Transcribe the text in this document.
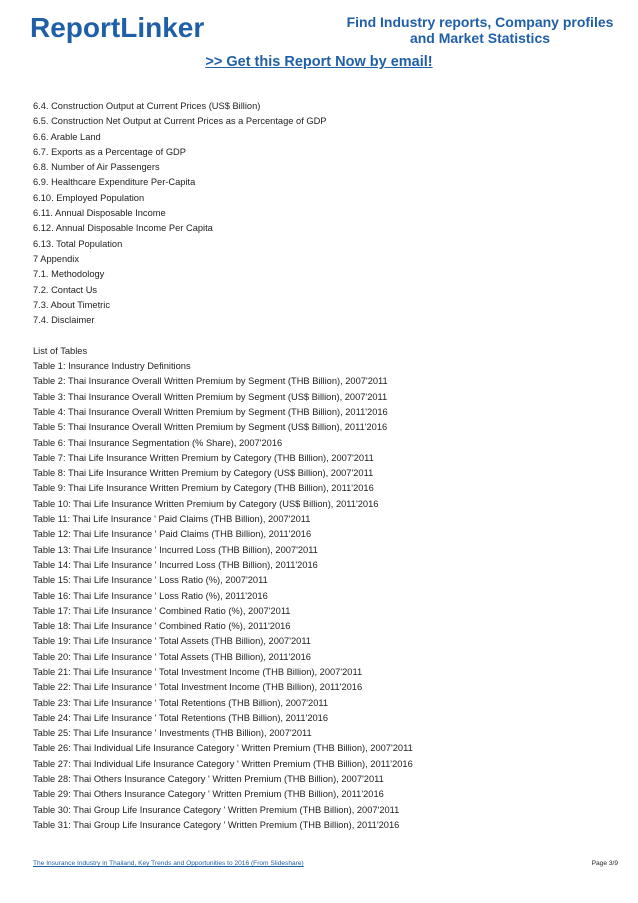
ReportLinker	Find Industry reports, Company profiles
and Market Statistics
>> Get this Report Now by email!
6.4. Construction Output at Current Prices (US$ Billion)
6.5. Construction Net Output at Current Prices as a Percentage of GDP
6.6. Arable Land
6.7. Exports as a Percentage of GDP
6.8. Number of Air Passengers
6.9. Healthcare Expenditure Per-Capita
6.10. Employed Population
6.11. Annual Disposable Income
6.12. Annual Disposable Income Per Capita
6.13. Total Population
7 Appendix
7.1. Methodology
7.2. Contact Us
7.3. About Timetric
7.4. Disclaimer
List of Tables
Table 1: Insurance Industry Definitions
Table 2: Thai Insurance Overall Written Premium by Segment (THB Billion), 2007'2011
Table 3: Thai Insurance Overall Written Premium by Segment (US$ Billion), 2007'2011
Table 4: Thai Insurance Overall Written Premium by Segment (THB Billion), 2011'2016
Table 5: Thai Insurance Overall Written Premium by Segment (US$ Billion), 2011'2016
Table 6: Thai Insurance Segmentation (% Share), 2007'2016
Table 7: Thai Life Insurance Written Premium by Category (THB Billion), 2007'2011
Table 8: Thai Life Insurance Written Premium by Category (US$ Billion), 2007'2011
Table 9: Thai Life Insurance Written Premium by Category (THB Billion), 2011'2016
Table 10: Thai Life Insurance Written Premium by Category (US$ Billion), 2011'2016
Table 11: Thai Life Insurance ' Paid Claims (THB Billion), 2007'2011
Table 12: Thai Life Insurance ' Paid Claims (THB Billion), 2011'2016
Table 13: Thai Life Insurance ' Incurred Loss (THB Billion), 2007'2011
Table 14: Thai Life Insurance ' Incurred Loss (THB Billion), 2011'2016
Table 15: Thai Life Insurance ' Loss Ratio (%), 2007'2011
Table 16: Thai Life Insurance ' Loss Ratio (%), 2011'2016
Table 17: Thai Life Insurance ' Combined Ratio (%), 2007'2011
Table 18: Thai Life Insurance ' Combined Ratio (%), 2011'2016
Table 19: Thai Life Insurance ' Total Assets (THB Billion), 2007'2011
Table 20: Thai Life Insurance ' Total Assets (THB Billion), 2011'2016
Table 21: Thai Life Insurance ' Total Investment Income (THB Billion), 2007'2011
Table 22: Thai Life Insurance ' Total Investment Income (THB Billion), 2011'2016
Table 23: Thai Life Insurance ' Total Retentions (THB Billion), 2007'2011
Table 24: Thai Life Insurance ' Total Retentions (THB Billion), 2011'2016
Table 25: Thai Life Insurance ' Investments (THB Billion), 2007'2011
Table 26: Thai Individual Life Insurance Category ' Written Premium (THB Billion), 2007'2011
Table 27: Thai Individual Life Insurance Category ' Written Premium (THB Billion), 2011'2016
Table 28: Thai Others Insurance Category ' Written Premium (THB Billion), 2007'2011
Table 29: Thai Others Insurance Category ' Written Premium (THB Billion), 2011'2016
Table 30: Thai Group Life Insurance Category ' Written Premium (THB Billion), 2007'2011
Table 31: Thai Group Life Insurance Category ' Written Premium (THB Billion), 2011'2016
The Insurance Industry in Thailand, Key Trends and Opportunities to 2016 (From Slideshare)	Page 3/9
